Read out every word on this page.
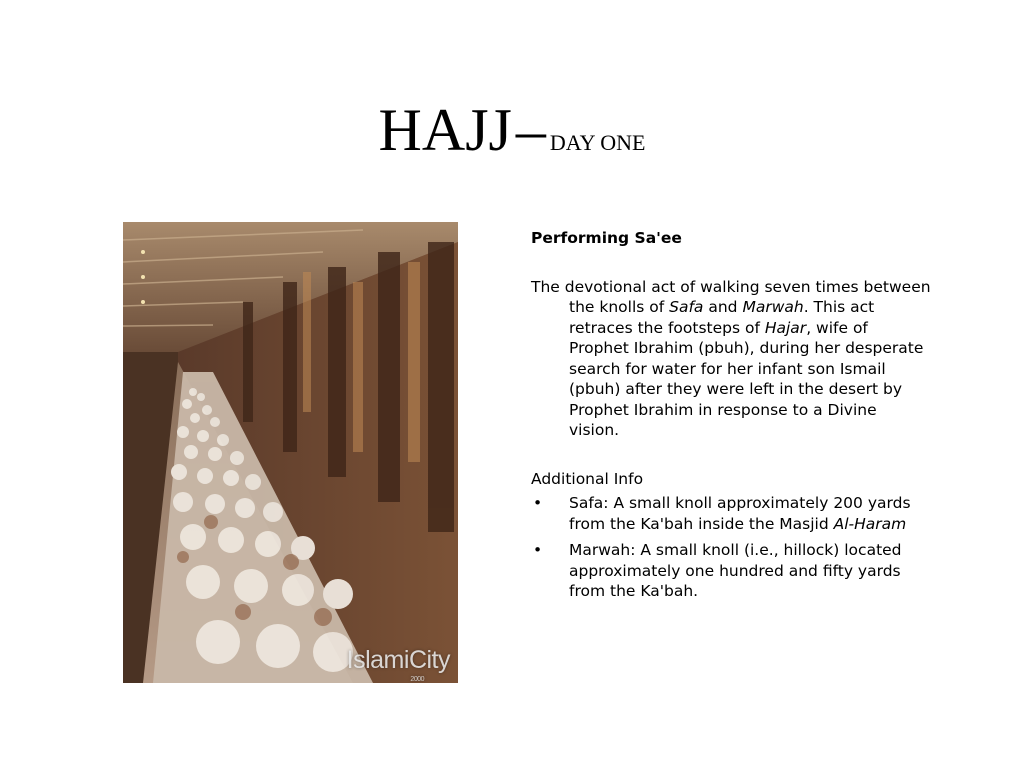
HAJJ – DAY ONE
IslamiCity
2000

Performing Sa'ee

The devotional act of walking seven times between the knolls of Safa and Marwah. This act retraces the footsteps of Hajar, wife of Prophet Ibrahim (pbuh), during her desperate search for water for her infant son Ismail (pbuh) after they were left in the desert by Prophet Ibrahim in response to a Divine vision.

Additional Info

• Safa: A small knoll approximately 200 yards from the Ka'bah inside the Masjid Al-Haram
• Marwah: A small knoll (i.e., hillock) located approximately one hundred and fifty yards from the Ka'bah.
